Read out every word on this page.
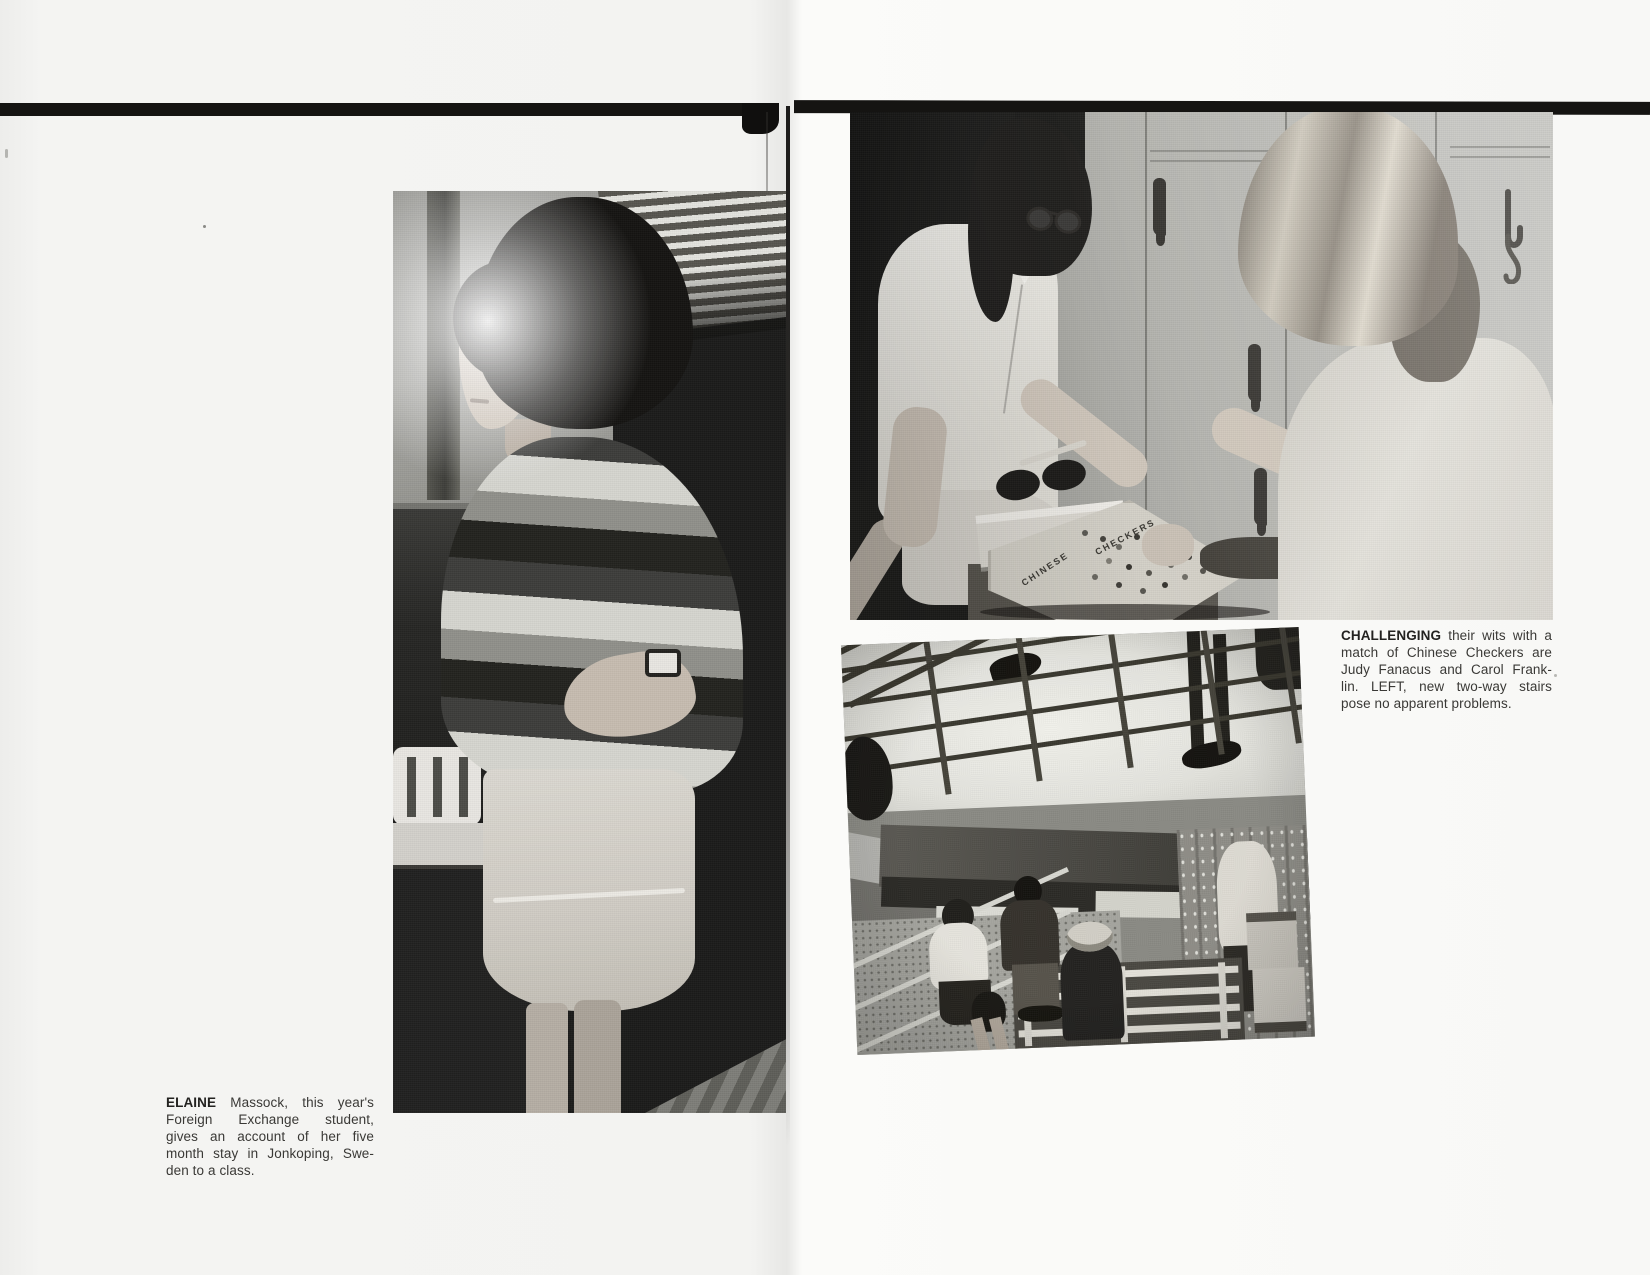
ELAINE Massock, this year's
Foreign Exchange student,
gives an account of her five
month stay in Jonkoping, Swe-
den to a class.
CHALLENGING their wits with a
match of Chinese Checkers are
Judy Fanacus and Carol Frank-
lin. LEFT, new two-way stairs
pose no apparent problems.
